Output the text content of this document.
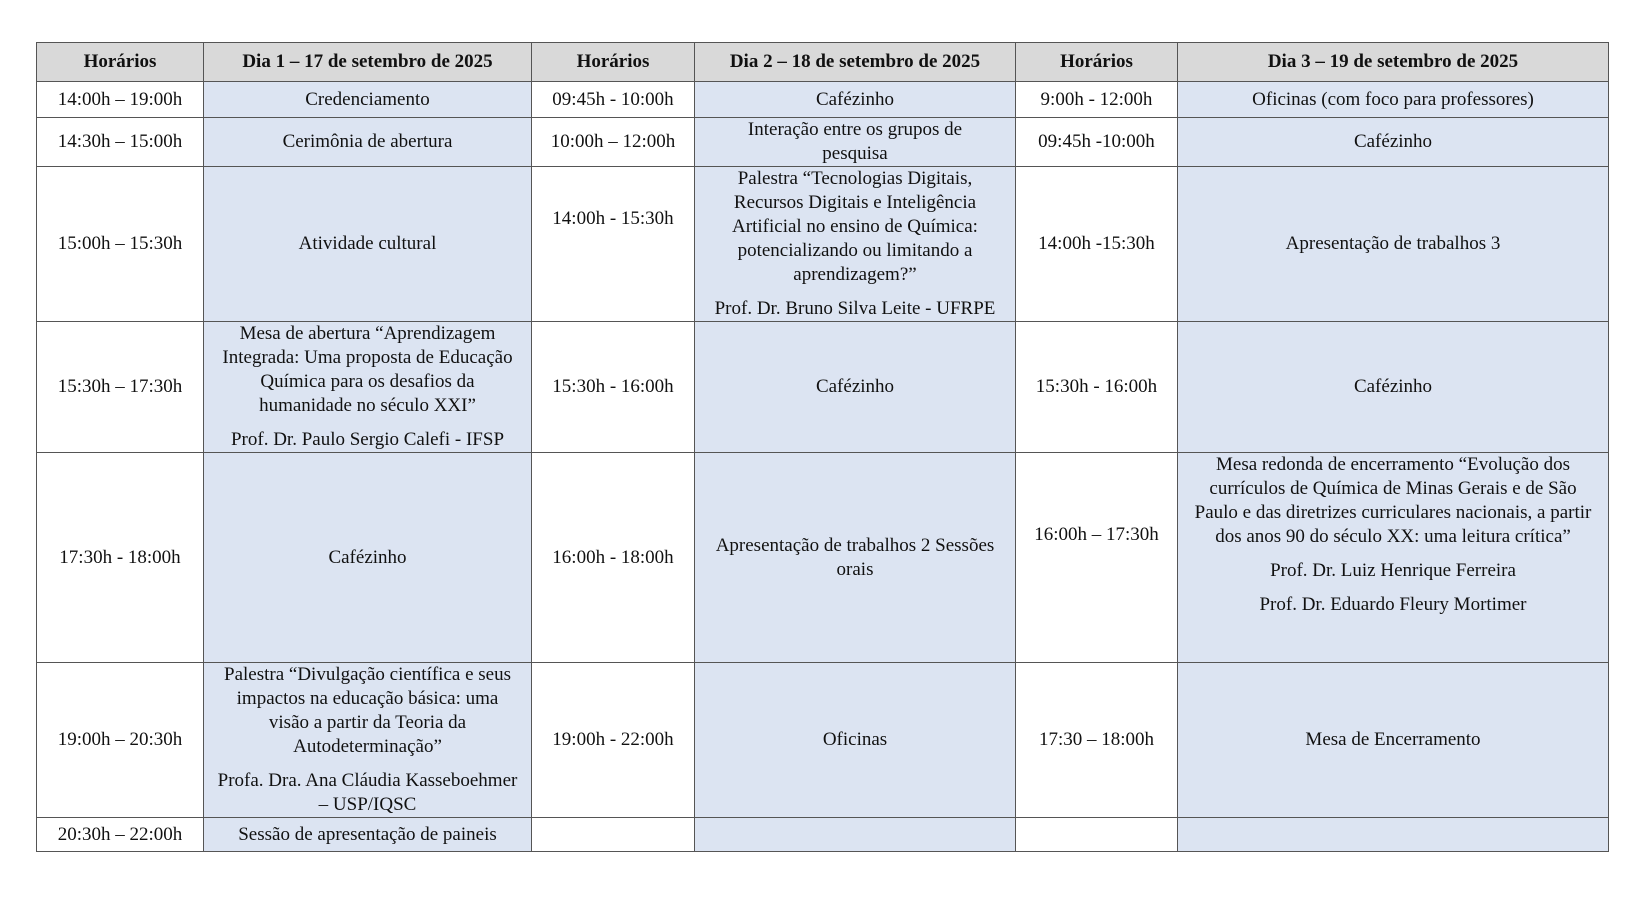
Horários	Dia 1 – 17 de setembro de 2025	Horários	Dia 2 – 18 de setembro de 2025	Horários	Dia 3 – 19 de setembro de 2025
14:00h – 19:00h	Credenciamento	09:45h - 10:00h	Cafézinho	9:00h - 12:00h	Oficinas (com foco para professores)
14:30h – 15:00h	Cerimônia de abertura	10:00h – 12:00h	Interação entre os grupos de pesquisa	09:45h -10:00h	Cafézinho
15:00h – 15:30h	Atividade cultural	14:00h - 15:30h	Palestra “Tecnologias Digitais, Recursos Digitais e Inteligência Artificial no ensino de Química: potencializando ou limitando a aprendizagem?”
Prof. Dr. Bruno Silva Leite - UFRPE	14:00h -15:30h	Apresentação de trabalhos 3
15:30h – 17:30h	Mesa de abertura “Aprendizagem Integrada: Uma proposta de Educação Química para os desafios da humanidade no século XXI”
Prof. Dr. Paulo Sergio Calefi - IFSP	15:30h - 16:00h	Cafézinho	15:30h - 16:00h	Cafézinho
17:30h - 18:00h	Cafézinho	16:00h - 18:00h	Apresentação de trabalhos 2 Sessões orais	16:00h – 17:30h	Mesa redonda de encerramento “Evolução dos currículos de Química de Minas Gerais e de São Paulo e das diretrizes curriculares nacionais, a partir dos anos 90 do século XX: uma leitura crítica”
Prof. Dr. Luiz Henrique Ferreira
Prof. Dr. Eduardo Fleury Mortimer

19:00h – 20:30h	Palestra “Divulgação científica e seus impactos na educação básica: uma visão a partir da Teoria da Autodeterminação”
Profa. Dra. Ana Cláudia Kasseboehmer – USP/IQSC	19:00h - 22:00h	Oficinas	17:30 – 18:00h	Mesa de Encerramento
20:30h – 22:00h	Sessão de apresentação de paineis				
